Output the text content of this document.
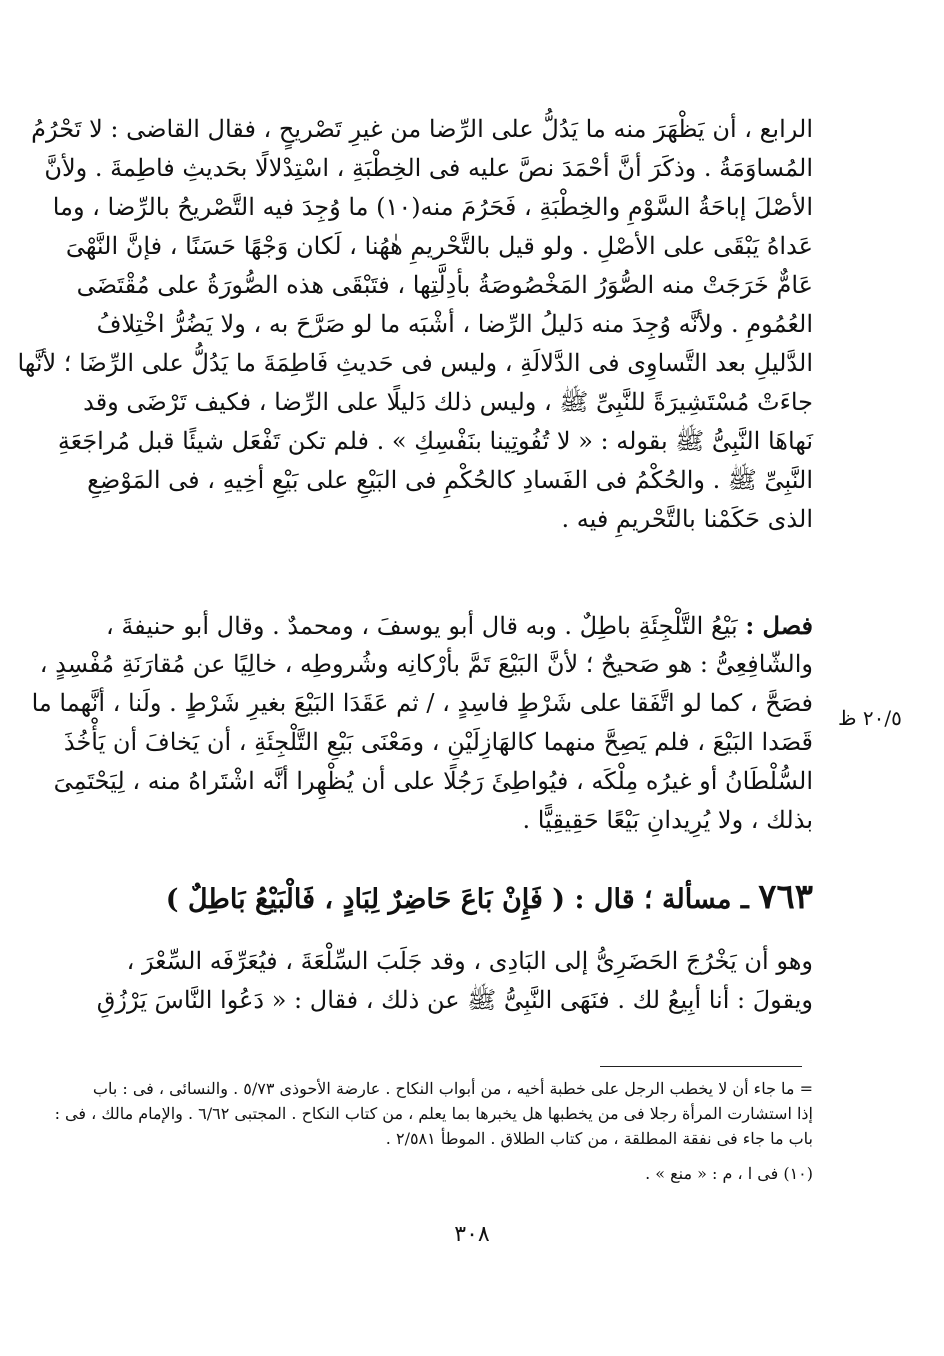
الرابع ، أن يَظْهَرَ منه ما يَدُلُّ على الرِّضا من غيرِ تَصْريحٍ ، فقال القاضى : لا تَحْرُمُ
المُساوَمَةُ . وذكَرَ أنَّ أحْمَدَ نصَّ عليه فى الخِطْبَةِ ، اسْتِدْلالًا بحَديثِ فاطِمةَ . ولأنَّ
الأصْلَ إباحَةُ السَّوْمِ والخِطْبَةِ ، فَحَرُمَ منه(١٠) ما وُجِدَ فيه التَّصْريحُ بالرِّضا ، وما
عَداهُ يَبْقَى على الأصْلِ . ولو قيل بالتَّحْريمِ هٰهُنا ، لَكان وَجْهًا حَسَنًا ، فإنَّ النَّهْىَ
عَامٌّ خَرَجَتْ منه الصُّوَرُ المَخْصُوصَةُ بأدِلَّتِها ، فتَبْقَى هذه الصُّورَةُ على مُقْتَضَى
العُمُومِ . ولأنَّه وُجِدَ منه دَليلُ الرِّضا ، أشْبَه ما لو صَرَّحَ به ، ولا يَضُرُّ اخْتِلافُ
الدَّليلِ بعد التَّساوِى فى الدَّلالَةِ ، وليس فى حَديثِ فَاطِمَةَ ما يَدُلُّ على الرِّضَا ؛ لأنَّها
جاءَتْ مُسْتَشِيرَةً للنَّبِىِّ ﷺ ، وليس ذلك دَليلًا على الرِّضا ، فكيف تَرْضَى وقد
نَهاهَا النَّبِىُّ ﷺ بقوله : « لا تُفُوتِينا بنَفْسِكِ » . فلم تكن تَفْعَل شيئًا قبل مُراجَعَةِ
النَّبِىِّ ﷺ . والحُكْمُ فى الفَسادِ كالحُكْمِ فى البَيْعِ على بَيْعِ أخِيهِ ، فى المَوْضِعِ
الذى حَكَمْنا بالتَّحْريمِ فيه .
فصل : بَيْعُ التَّلْجِئَةِ باطِلٌ . وبه قال أبو يوسفَ ، ومحمدٌ . وقال أبو حنيفةَ ،
والشّافِعِىُّ : هو صَحيحٌ ؛ لأنَّ البَيْعَ تَمَّ بأرْكانِه وشُروطِه ، خالِيًا عن مُقارَنَةِ مُفْسِدٍ ،
فصَحَّ ، كما لو اتَّفَقا على شَرْطٍ فاسِدٍ ، / ثم عَقَدَا البَيْعَ بغيرِ شَرْطٍ . ولَنا ، أنَّهما ما
قَصَدا البَيْعَ ، فلم يَصِحَّ منهما كالهَازِلَيْنِ ، ومَعْنَى بَيْعِ التَّلْجِئَةِ ، أن يَخافَ أن يَأْخُذَ
السُّلْطَانُ أو غيرُه مِلْكَه ، فيُواطِئَ رَجُلًا على أن يُظْهِرا أنَّه اشْتَراهُ منه ، لِيَحْتَمِىَ
بذلك ، ولا يُرِيدانِ بَيْعًا حَقِيقِيًّا .
٢٠/٥ ظ
٧٦٣ ـ مسألة ؛ قال : ( فَإِنْ بَاعَ حَاضِرٌ لِبَادٍ ، فَالْبَيْعُ بَاطِلٌ )
وهو أن يَخْرُجَ الحَضَرِىُّ إلى البَادِى ، وقد جَلَبَ السِّلْعَةَ ، فيُعَرِّفَه السِّعْرَ ،
ويقولَ : أنا أبِيعُ لك . فنَهَى النَّبِىُّ ﷺ عن ذلك ، فقال : « دَعُوا النَّاسَ يَرْزُقِ
= ما جاء أن لا يخطب الرجل على خطبة أخيه ، من أبواب النكاح . عارضة الأحوذى ٥/٧٣ . والنسائى ، فى : باب
إذا استشارت المرأة رجلا فى من يخطبها هل يخبرها بما يعلم ، من كتاب النكاح . المجتبى ٦/٦٢ . والإمام مالك ، فى :
باب ما جاء فى نفقة المطلقة ، من كتاب الطلاق . الموطأ ٢/٥٨١ .
(١٠) فى ا ، م : « منع » .
٣٠٨
